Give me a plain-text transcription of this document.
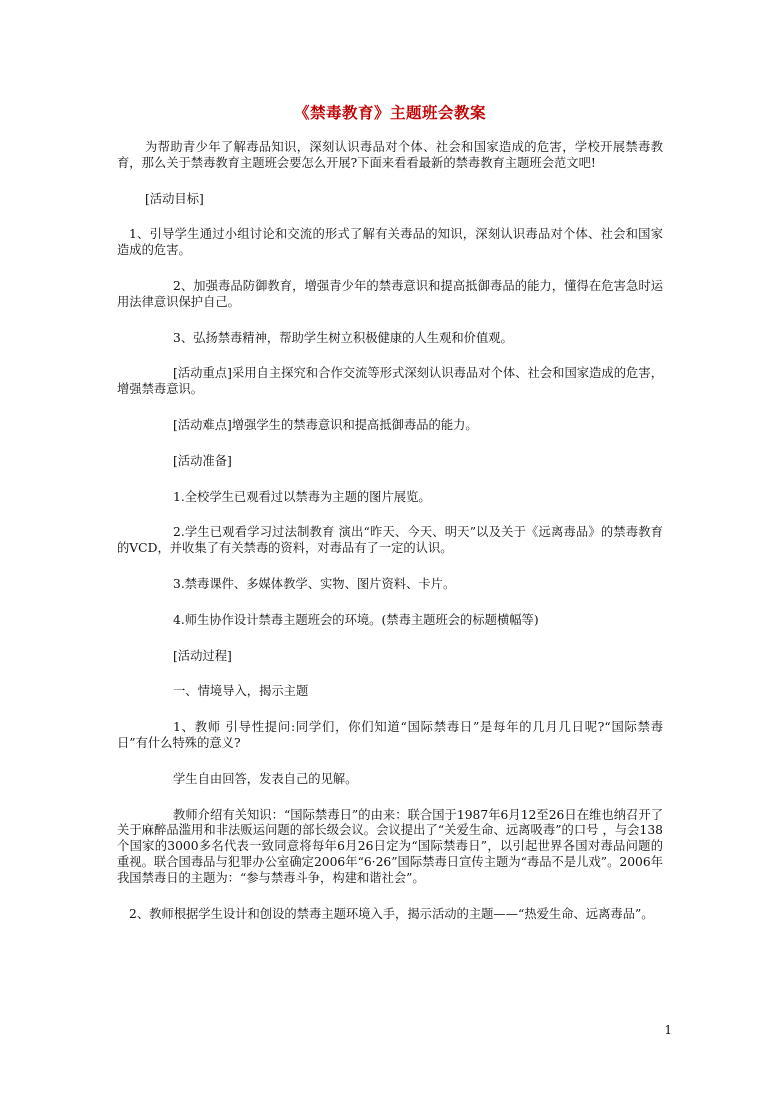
《禁毒教育》主题班会教案

为帮助青少年了解毒品知识，深刻认识毒品对个体、社会和国家造成的危害，学校开展禁毒教育，那么关于禁毒教育主题班会要怎么开展?下面来看看最新的禁毒教育主题班会范文吧!

[活动目标]

1、引导学生通过小组讨论和交流的形式了解有关毒品的知识，深刻认识毒品对个体、社会和国家造成的危害。

2、加强毒品防御教育，增强青少年的禁毒意识和提高抵御毒品的能力，懂得在危害急时运用法律意识保护自己。

3、弘扬禁毒精神，帮助学生树立积极健康的人生观和价值观。

[活动重点]采用自主探究和合作交流等形式深刻认识毒品对个体、社会和国家造成的危害，增强禁毒意识。

[活动难点]增强学生的禁毒意识和提高抵御毒品的能力。

[活动准备]

1.全校学生已观看过以禁毒为主题的图片展览。

2.学生已观看学习过法制教育 演出“昨天、今天、明天”以及关于《远离毒品》的禁毒教育的VCD，并收集了有关禁毒的资料，对毒品有了一定的认识。

3.禁毒课件、多媒体教学、实物、图片资料、卡片。

4.师生协作设计禁毒主题班会的环境。(禁毒主题班会的标题横幅等)

[活动过程]

一、情境导入，揭示主题

1、教师 引导性提问:同学们，你们知道“国际禁毒日”是每年的几月几日呢?“国际禁毒日”有什么特殊的意义?

学生自由回答，发表自己的见解。

教师介绍有关知识：“国际禁毒日”的由来：联合国于1987年6月12至26日在维也纳召开了关于麻醉品滥用和非法贩运问题的部长级会议。会议提出了“关爱生命、远离吸毒”的口号 ，与会138个国家的3000多名代表一致同意将每年6月26日定为“国际禁毒日”，以引起世界各国对毒品问题的重视。联合国毒品与犯罪办公室确定2006年“6·26”国际禁毒日宣传主题为“毒品不是儿戏”。2006年我国禁毒日的主题为：“参与禁毒斗争，构建和谐社会”。

2、教师根据学生设计和创设的禁毒主题环境入手，揭示活动的主题——“热爱生命、远离毒品”。

1
